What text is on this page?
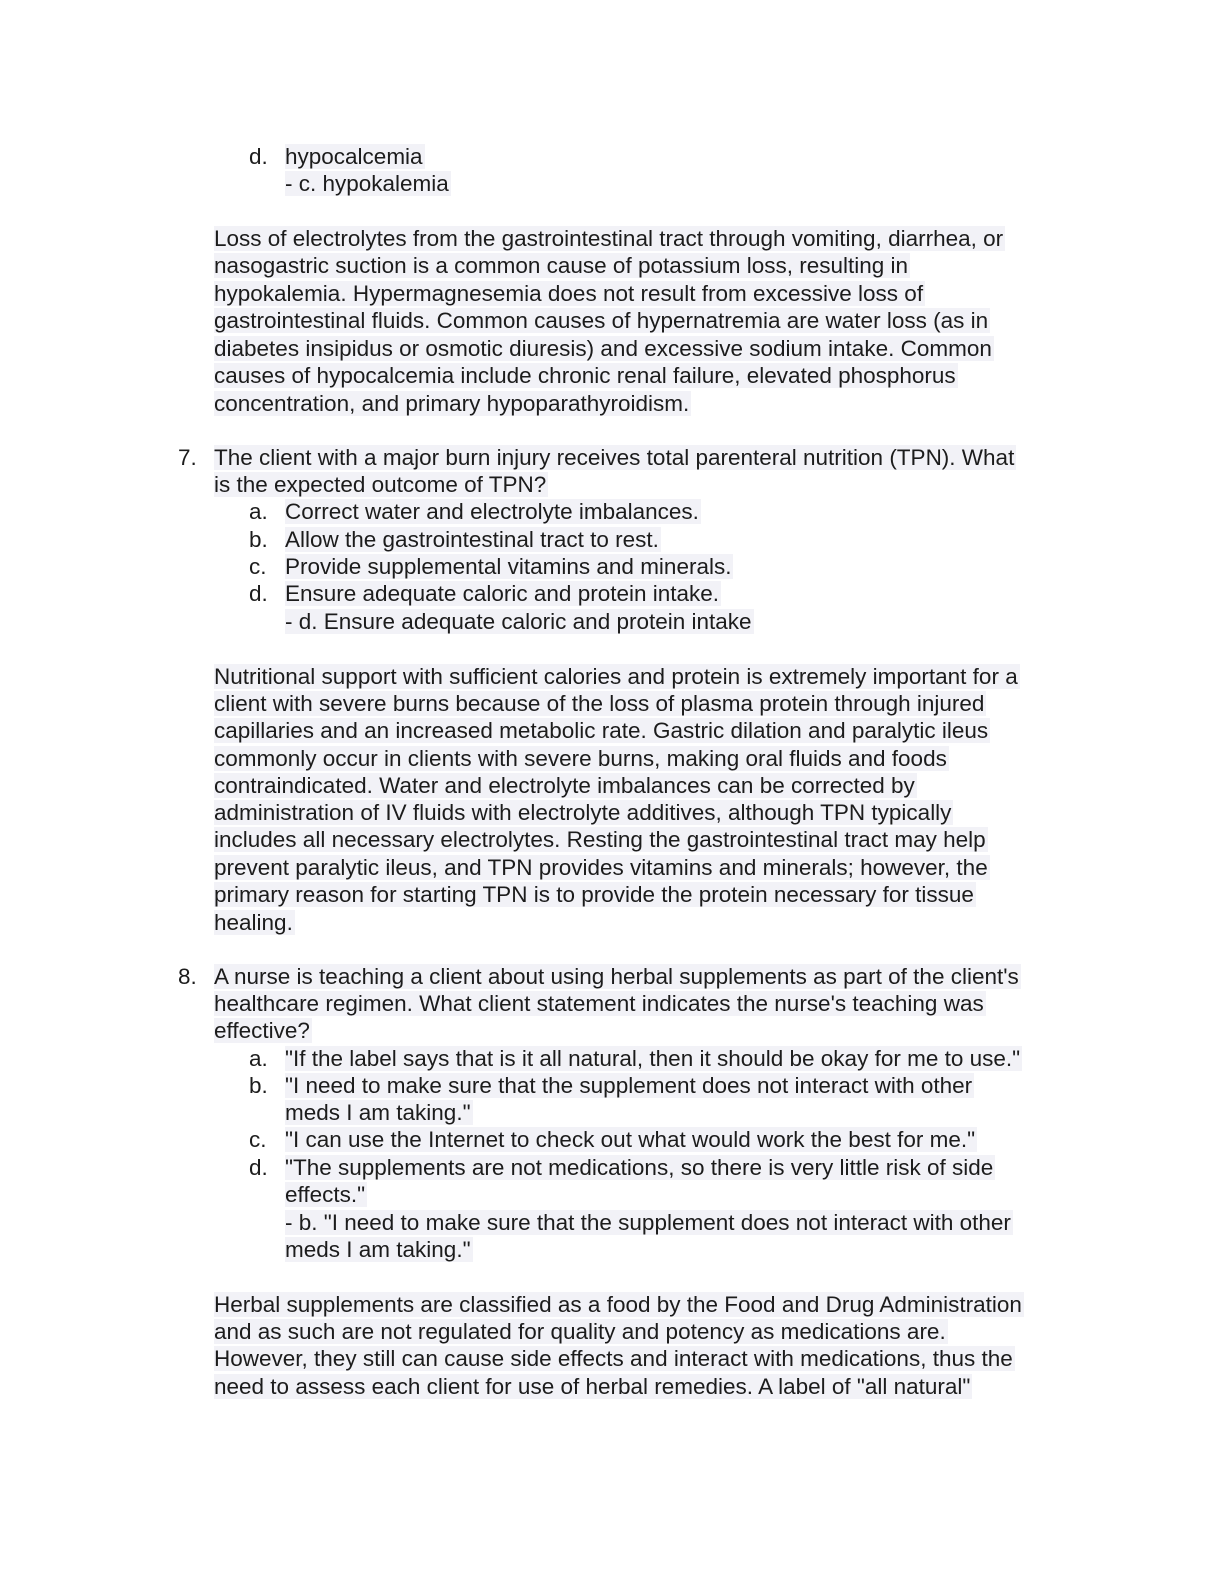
d. hypocalcemia
- c. hypokalemia
Loss of electrolytes from the gastrointestinal tract through vomiting, diarrhea, or
nasogastric suction is a common cause of potassium loss, resulting in
hypokalemia. Hypermagnesemia does not result from excessive loss of
gastrointestinal fluids. Common causes of hypernatremia are water loss (as in
diabetes insipidus or osmotic diuresis) and excessive sodium intake. Common
causes of hypocalcemia include chronic renal failure, elevated phosphorus
concentration, and primary hypoparathyroidism.
7. The client with a major burn injury receives total parenteral nutrition (TPN). What
is the expected outcome of TPN?
a. Correct water and electrolyte imbalances.
b. Allow the gastrointestinal tract to rest.
c. Provide supplemental vitamins and minerals.
d. Ensure adequate caloric and protein intake.
- d. Ensure adequate caloric and protein intake
Nutritional support with sufficient calories and protein is extremely important for a
client with severe burns because of the loss of plasma protein through injured
capillaries and an increased metabolic rate. Gastric dilation and paralytic ileus
commonly occur in clients with severe burns, making oral fluids and foods
contraindicated. Water and electrolyte imbalances can be corrected by
administration of IV fluids with electrolyte additives, although TPN typically
includes all necessary electrolytes. Resting the gastrointestinal tract may help
prevent paralytic ileus, and TPN provides vitamins and minerals; however, the
primary reason for starting TPN is to provide the protein necessary for tissue
healing.
8. A nurse is teaching a client about using herbal supplements as part of the client's
healthcare regimen. What client statement indicates the nurse's teaching was
effective?
a. "If the label says that is it all natural, then it should be okay for me to use."
b. "I need to make sure that the supplement does not interact with other
meds I am taking."
c. "I can use the Internet to check out what would work the best for me."
d. "The supplements are not medications, so there is very little risk of side
effects."
- b. "I need to make sure that the supplement does not interact with other
meds I am taking."
Herbal supplements are classified as a food by the Food and Drug Administration
and as such are not regulated for quality and potency as medications are.
However, they still can cause side effects and interact with medications, thus the
need to assess each client for use of herbal remedies. A label of "all natural"
